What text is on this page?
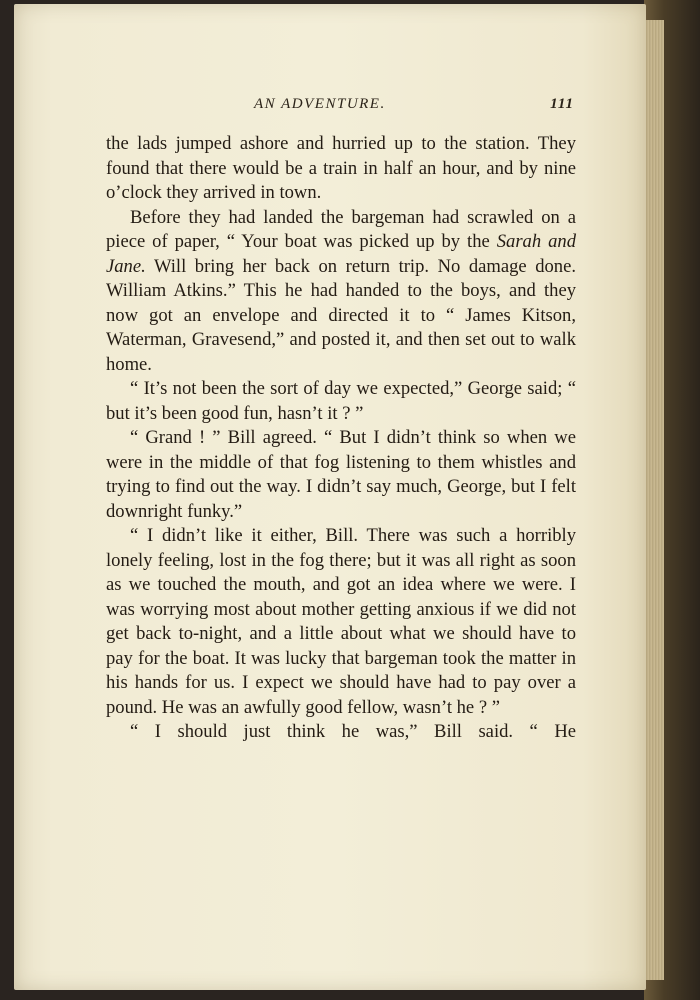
AN ADVENTURE.	111

the lads jumped ashore and hurried up to the station. They found that there would be a train in half an hour, and by nine o’clock they arrived in town.

Before they had landed the bargeman had scrawled on a piece of paper, “ Your boat was picked up by the Sarah and Jane. Will bring her back on return trip. No damage done. William Atkins.” This he had handed to the boys, and they now got an envelope and directed it to “ James Kitson, Waterman, Gravesend,” and posted it, and then set out to walk home.

“ It’s not been the sort of day we expected,” George said; “ but it’s been good fun, hasn’t it ? ”

“ Grand ! ” Bill agreed. “ But I didn’t think so when we were in the middle of that fog listening to them whistles and trying to find out the way. I didn’t say much, George, but I felt downright funky.”

“ I didn’t like it either, Bill. There was such a horribly lonely feeling, lost in the fog there; but it was all right as soon as we touched the mouth, and got an idea where we were. I was worrying most about mother getting anxious if we did not get back to-night, and a little about what we should have to pay for the boat. It was lucky that bargeman took the matter in his hands for us. I expect we should have had to pay over a pound. He was an awfully good fellow, wasn’t he ? ”

“ I should just think he was,” Bill said. “ He
